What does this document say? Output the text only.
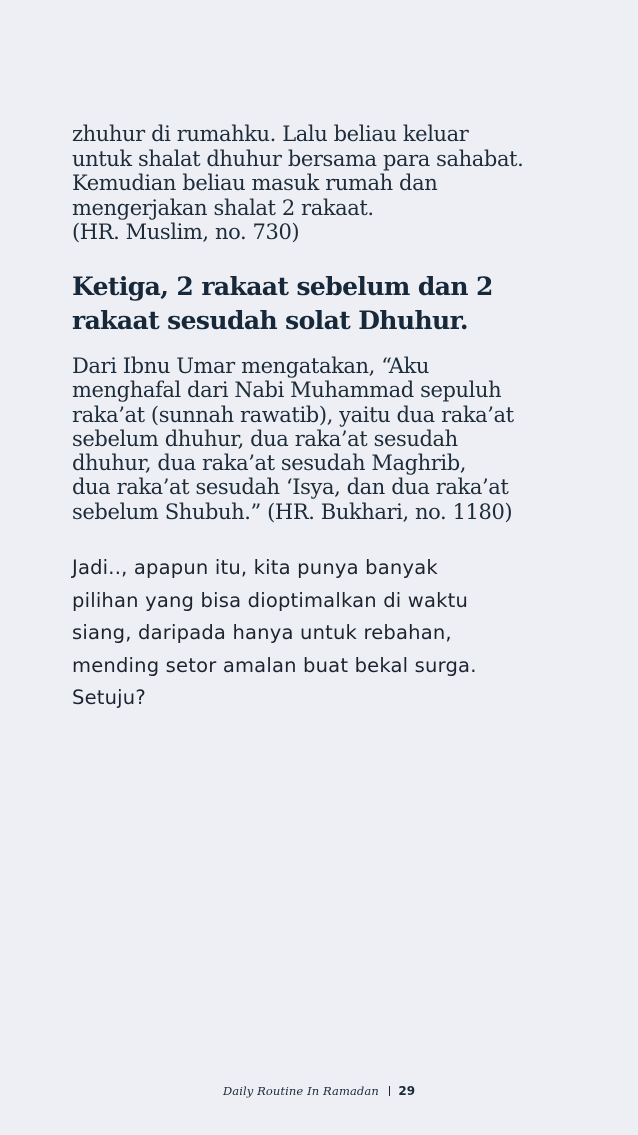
zhuhur di rumahku. Lalu beliau keluar
untuk shalat dhuhur bersama para sahabat.
Kemudian beliau masuk rumah dan
mengerjakan shalat 2 rakaat.
(HR. Muslim, no. 730)
Ketiga, 2 rakaat sebelum dan 2
rakaat sesudah solat Dhuhur.
Dari Ibnu Umar mengatakan, “Aku
menghafal dari Nabi Muhammad sepuluh
raka’at (sunnah rawatib), yaitu dua raka’at
sebelum dhuhur, dua raka’at sesudah
dhuhur, dua raka’at sesudah Maghrib,
dua raka’at sesudah ‘Isya, dan dua raka’at
sebelum Shubuh.” (HR. Bukhari, no. 1180)
Jadi.., apapun itu, kita punya banyak
pilihan yang bisa dioptimalkan di waktu
siang, daripada hanya untuk rebahan,
mending setor amalan buat bekal surga.
Setuju?
Daily Routine In Ramadan 29
